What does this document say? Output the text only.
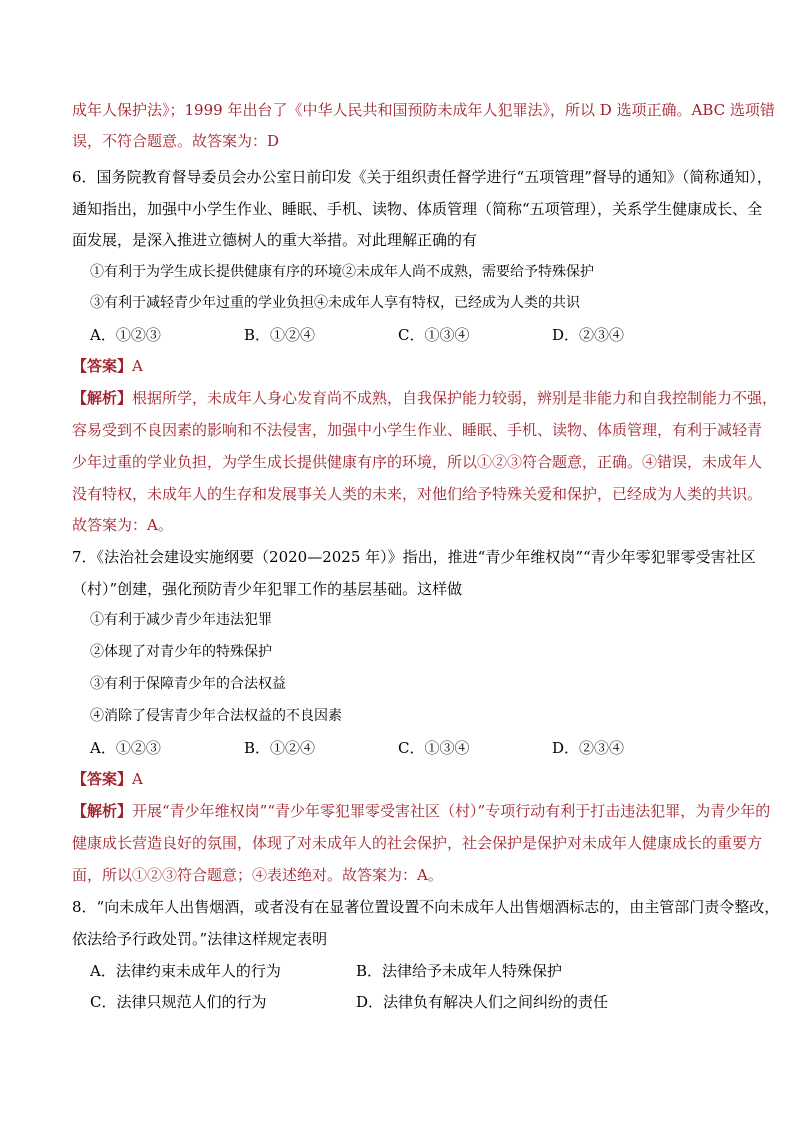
成年人保护法》；1999 年出台了《中华人民共和国预防未成年人犯罪法》，所以 D 选项正确。ABC 选项错
误，不符合题意。故答案为：D
6．国务院教育督导委员会办公室日前印发《关于组织责任督学进行“五项管理”督导的通知》（简称通知），
通知指出，加强中小学生作业、睡眠、手机、读物、体质管理（简称“五项管理），关系学生健康成长、全
面发展，是深入推进立德树人的重大举措。对此理解正确的有
①有利于为学生成长提供健康有序的环境②未成年人尚不成熟，需要给予特殊保护
③有利于减轻青少年过重的学业负担④未成年人享有特权，已经成为人类的共识
A．①②③	B．①②④	C．①③④	D．②③④
【答案】A
【解析】根据所学，未成年人身心发育尚不成熟，自我保护能力较弱，辨别是非能力和自我控制能力不强，
容易受到不良因素的影响和不法侵害，加强中小学生作业、睡眠、手机、读物、体质管理，有利于减轻青
少年过重的学业负担，为学生成长提供健康有序的环境，所以①②③符合题意，正确。④错误，未成年人
没有特权，未成年人的生存和发展事关人类的未来，对他们给予特殊关爱和保护，已经成为人类的共识。
故答案为：A。
7．《法治社会建设实施纲要（2020—2025 年）》指出，推进“青少年维权岗”“青少年零犯罪零受害社区
（村）”创建，强化预防青少年犯罪工作的基层基础。这样做
①有利于减少青少年违法犯罪
②体现了对青少年的特殊保护
③有利于保障青少年的合法权益
④消除了侵害青少年合法权益的不良因素
A．①②③	B．①②④	C．①③④	D．②③④
【答案】A
【解析】开展“青少年维权岗”“青少年零犯罪零受害社区（村）”专项行动有利于打击违法犯罪，为青少年的
健康成长营造良好的氛围，体现了对未成年人的社会保护，社会保护是保护对未成年人健康成长的重要方
面，所以①②③符合题意；④表述绝对。故答案为：A。
8．“向未成年人出售烟酒，或者没有在显著位置设置不向未成年人出售烟酒标志的，由主管部门责令整改，
依法给予行政处罚。”法律这样规定表明
A．法律约束未成年人的行为	B．法律给予未成年人特殊保护
C．法律只规范人们的行为	D．法律负有解决人们之间纠纷的责任
